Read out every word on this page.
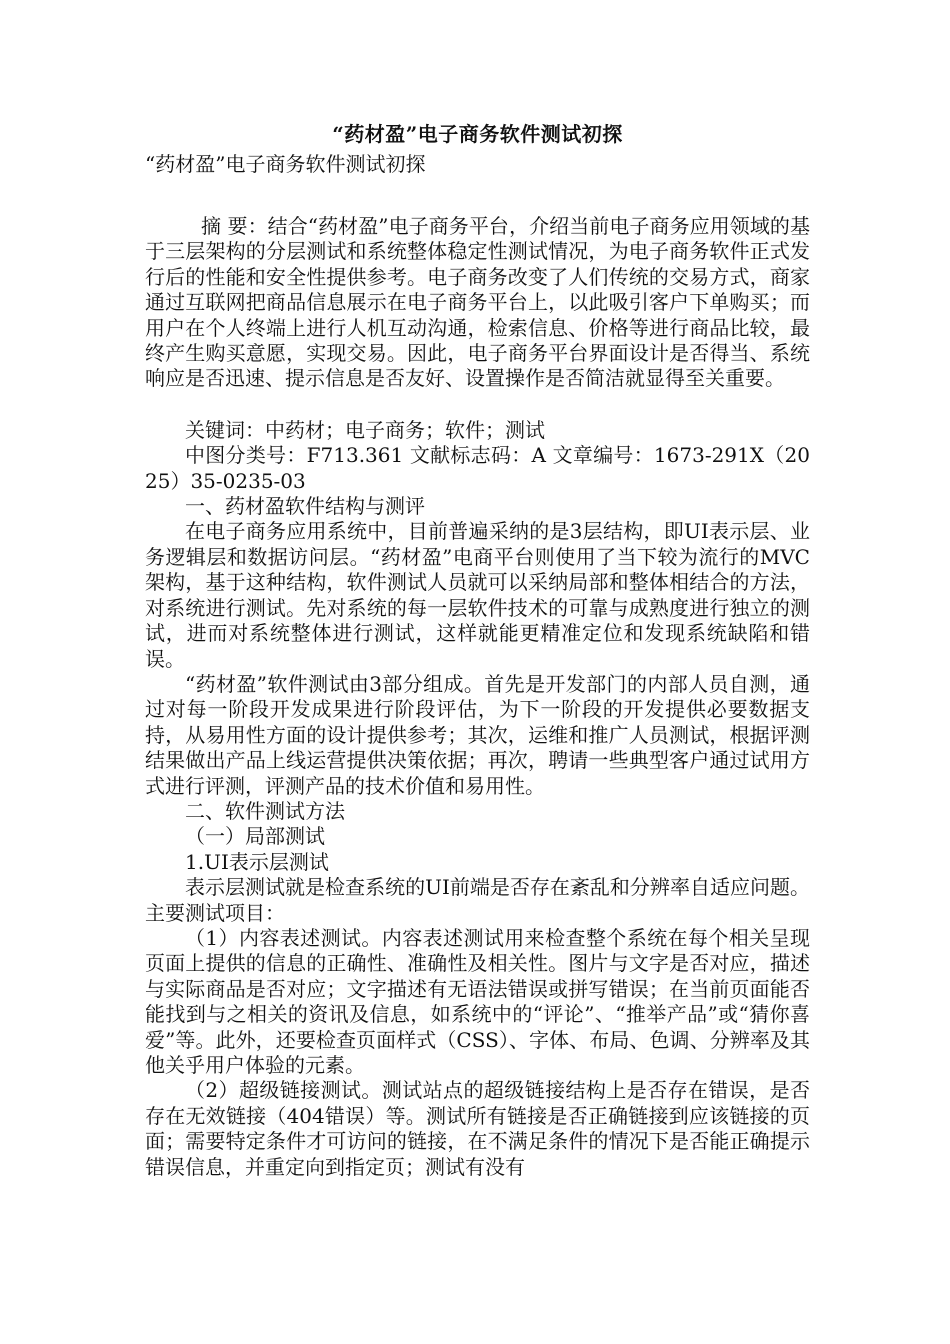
“药材盈”电子商务软件测试初探

“药材盈”电子商务软件测试初探

摘 要：结合“药材盈”电子商务平台，介绍当前电子商务应用领域的基于三层架构的分层测试和系统整体稳定性测试情况，为电子商务软件正式发行后的性能和安全性提供参考。电子商务改变了人们传统的交易方式，商家通过互联网把商品信息展示在电子商务平台上，以此吸引客户下单购买；而用户在个人终端上进行人机互动沟通，检索信息、价格等进行商品比较，最终产生购买意愿，实现交易。因此，电子商务平台界面设计是否得当、系统响应是否迅速、提示信息是否友好、设置操作是否简洁就显得至关重要。

关键词：中药材；电子商务；软件；测试

中图分类号：F713.361 文献标志码：A 文章编号：1673-291X（2025）35-0235-03

一、药材盈软件结构与测评

在电子商务应用系统中，目前普遍采纳的是3层结构，即UI表示层、业务逻辑层和数据访问层。“药材盈”电商平台则使用了当下较为流行的MVC架构，基于这种结构，软件测试人员就可以采纳局部和整体相结合的方法，对系统进行测试。先对系统的每一层软件技术的可靠与成熟度进行独立的测试，进而对系统整体进行测试，这样就能更精准定位和发现系统缺陷和错误。

“药材盈”软件测试由3部分组成。首先是开发部门的内部人员自测，通过对每一阶段开发成果进行阶段评估，为下一阶段的开发提供必要数据支持，从易用性方面的设计提供参考；其次，运维和推广人员测试，根据评测结果做出产品上线运营提供决策依据；再次，聘请一些典型客户通过试用方式进行评测，评测产品的技术价值和易用性。

二、软件测试方法

（一）局部测试

1.UI表示层测试

表示层测试就是检查系统的UI前端是否存在紊乱和分辨率自适应问题。主要测试项目：

（1）内容表述测试。内容表述测试用来检查整个系统在每个相关呈现页面上提供的信息的正确性、准确性及相关性。图片与文字是否对应，描述与实际商品是否对应；文字描述有无语法错误或拼写错误；在当前页面能否能找到与之相关的资讯及信息，如系统中的“评论”、“推举产品”或“猜你喜爱”等。此外，还要检查页面样式（CSS）、字体、布局、色调、分辨率及其他关乎用户体验的元素。

（2）超级链接测试。测试站点的超级链接结构上是否存在错误，是否存在无效链接（404错误）等。测试所有链接是否正确链接到应该链接的页面；需要特定条件才可访问的链接，在不满足条件的情况下是否能正确提示错误信息，并重定向到指定页；测试有没有
